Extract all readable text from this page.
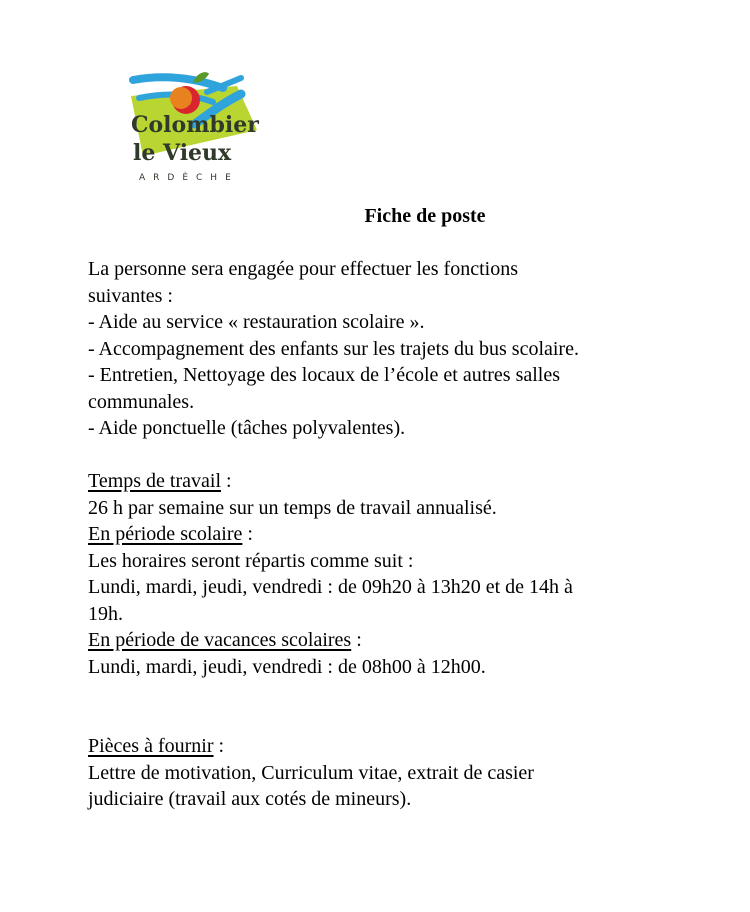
Colombier
le Vieux
ARDÈCHE
Fiche de poste
La personne sera engagée pour effectuer les fonctions
suivantes :
- Aide au service « restauration scolaire ».
- Accompagnement des enfants sur les trajets du bus scolaire.
- Entretien, Nettoyage des locaux de l’école et autres salles
communales.
- Aide ponctuelle (tâches polyvalentes).
Temps de travail :
26 h par semaine sur un temps de travail annualisé.
En période scolaire :
Les horaires seront répartis comme suit :
Lundi, mardi, jeudi, vendredi : de 09h20 à 13h20 et de 14h à
19h.
En période de vacances scolaires :
Lundi, mardi, jeudi, vendredi : de 08h00 à 12h00.
Pièces à fournir :
Lettre de motivation, Curriculum vitae, extrait de casier
judiciaire (travail aux cotés de mineurs).
